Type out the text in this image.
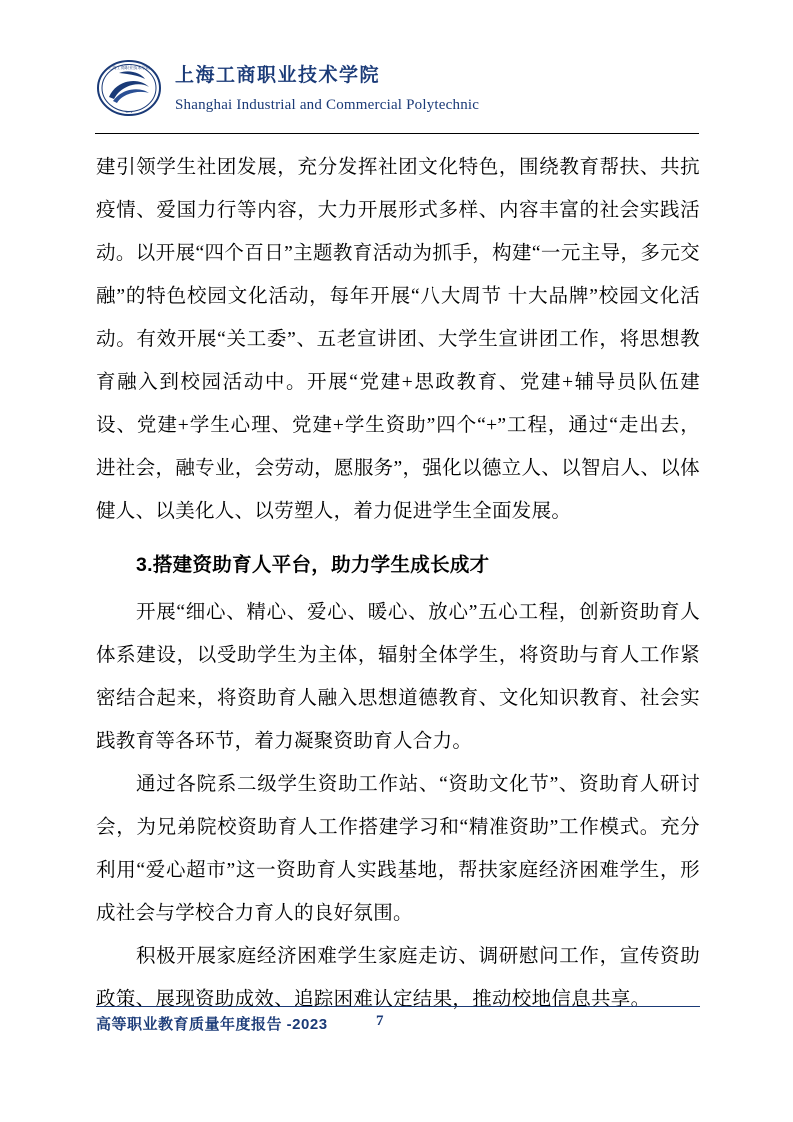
上海工商职业技术学院
SICP
上海工商职业技术学院
Shanghai Industrial and Commercial Polytechnic

建引领学生社团发展，充分发挥社团文化特色，围绕教育帮扶、共抗疫情、爱国力行等内容，大力开展形式多样、内容丰富的社会实践活动。以开展“四个百日”主题教育活动为抓手，构建“一元主导，多元交融”的特色校园文化活动，每年开展“八大周节 十大品牌”校园文化活动。有效开展“关工委”、五老宣讲团、大学生宣讲团工作，将思想教育融入到校园活动中。开展“党建+思政教育、党建+辅导员队伍建设、党建+学生心理、党建+学生资助”四个“+”工程，通过“走出去，进社会，融专业，会劳动，愿服务”，强化以德立人、以智启人、以体健人、以美化人、以劳塑人，着力促进学生全面发展。

3.搭建资助育人平台，助力学生成长成才

开展“细心、精心、爱心、暖心、放心”五心工程，创新资助育人体系建设，以受助学生为主体，辐射全体学生，将资助与育人工作紧密结合起来，将资助育人融入思想道德教育、文化知识教育、社会实践教育等各环节，着力凝聚资助育人合力。

通过各院系二级学生资助工作站、“资助文化节”、资助育人研讨会，为兄弟院校资助育人工作搭建学习和“精准资助”工作模式。充分利用“爱心超市”这一资助育人实践基地，帮扶家庭经济困难学生，形成社会与学校合力育人的良好氛围。

积极开展家庭经济困难学生家庭走访、调研慰问工作，宣传资助政策、展现资助成效、追踪困难认定结果，推动校地信息共享。

高等职业教育质量年度报告 -2023	7
